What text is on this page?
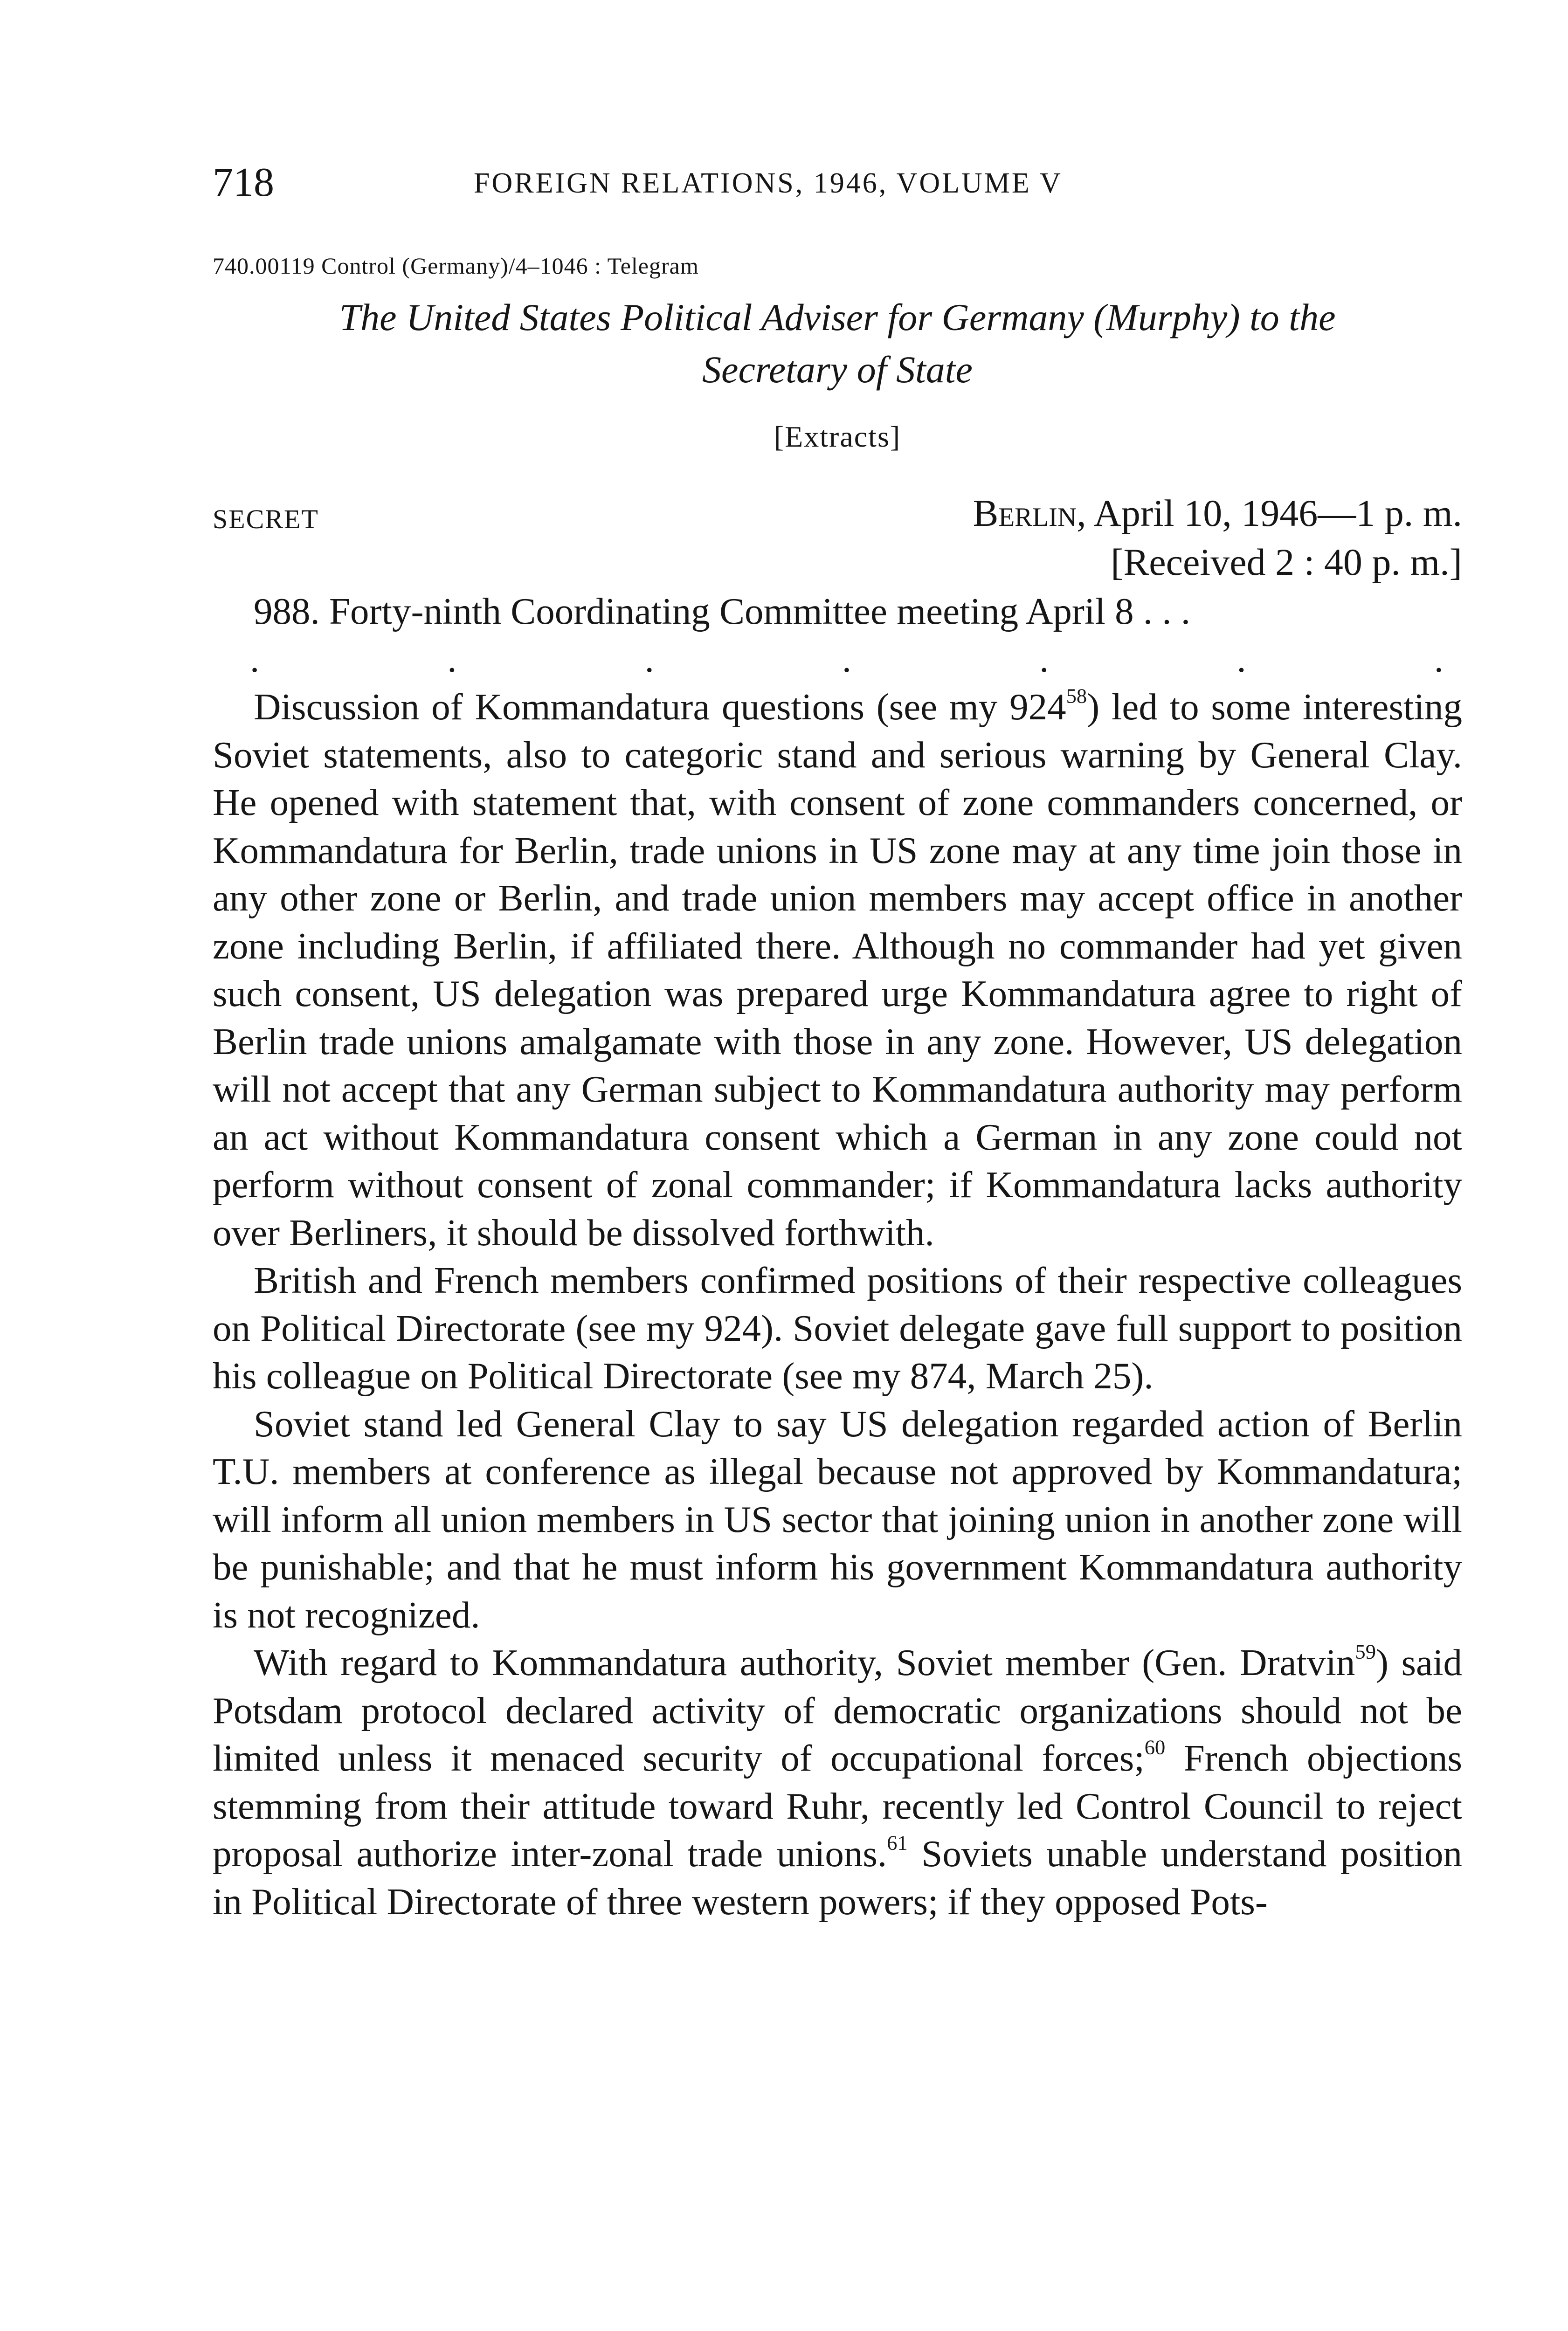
718	FOREIGN RELATIONS, 1946, VOLUME V
740.00119 Control (Germany)/4–1046 : Telegram
The United States Political Adviser for Germany (Murphy) to the
Secretary of State
[Extracts]
SECRET	Berlin, April 10, 1946—1 p. m.
[Received 2 : 40 p. m.]

988. Forty-ninth Coordinating Committee meeting April 8 . . .

.	.	.	.	.	.	.

Discussion of Kommandatura questions (see my $924^{58}$) led to some interesting Soviet statements, also to categoric stand and serious warning by General Clay. He opened with statement that, with consent of zone commanders concerned, or Kommandatura for Berlin, trade unions in US zone may at any time join those in any other zone or Berlin, and trade union members may accept office in another zone including Berlin, if affiliated there. Although no commander had yet given such consent, US delegation was prepared urge Kommandatura agree to right of Berlin trade unions amalgamate with those in any zone. However, US delegation will not accept that any German subject to Kommandatura authority may perform an act without Kommandatura consent which a German in any zone could not perform without consent of zonal commander; if Kommandatura lacks authority over Berliners, it should be dissolved forthwith.

British and French members confirmed positions of their respective colleagues on Political Directorate (see my 924). Soviet delegate gave full support to position his colleague on Political Directorate (see my 874, March 25).

Soviet stand led General Clay to say US delegation regarded action of Berlin T.U. members at conference as illegal because not approved by Kommandatura; will inform all union members in US sector that joining union in another zone will be punishable; and that he must inform his government Kommandatura authority is not recognized.

With regard to Kommandatura authority, Soviet member (Gen. Dratvin$^{59}$) said Potsdam protocol declared activity of democratic organizations should not be limited unless it menaced security of occupational forces;$^{60}$ French objections stemming from their attitude toward Ruhr, recently led Control Council to reject proposal authorize inter-zonal trade unions.$^{61}$ Soviets unable understand position in Political Directorate of three western powers; if they opposed Pots-
